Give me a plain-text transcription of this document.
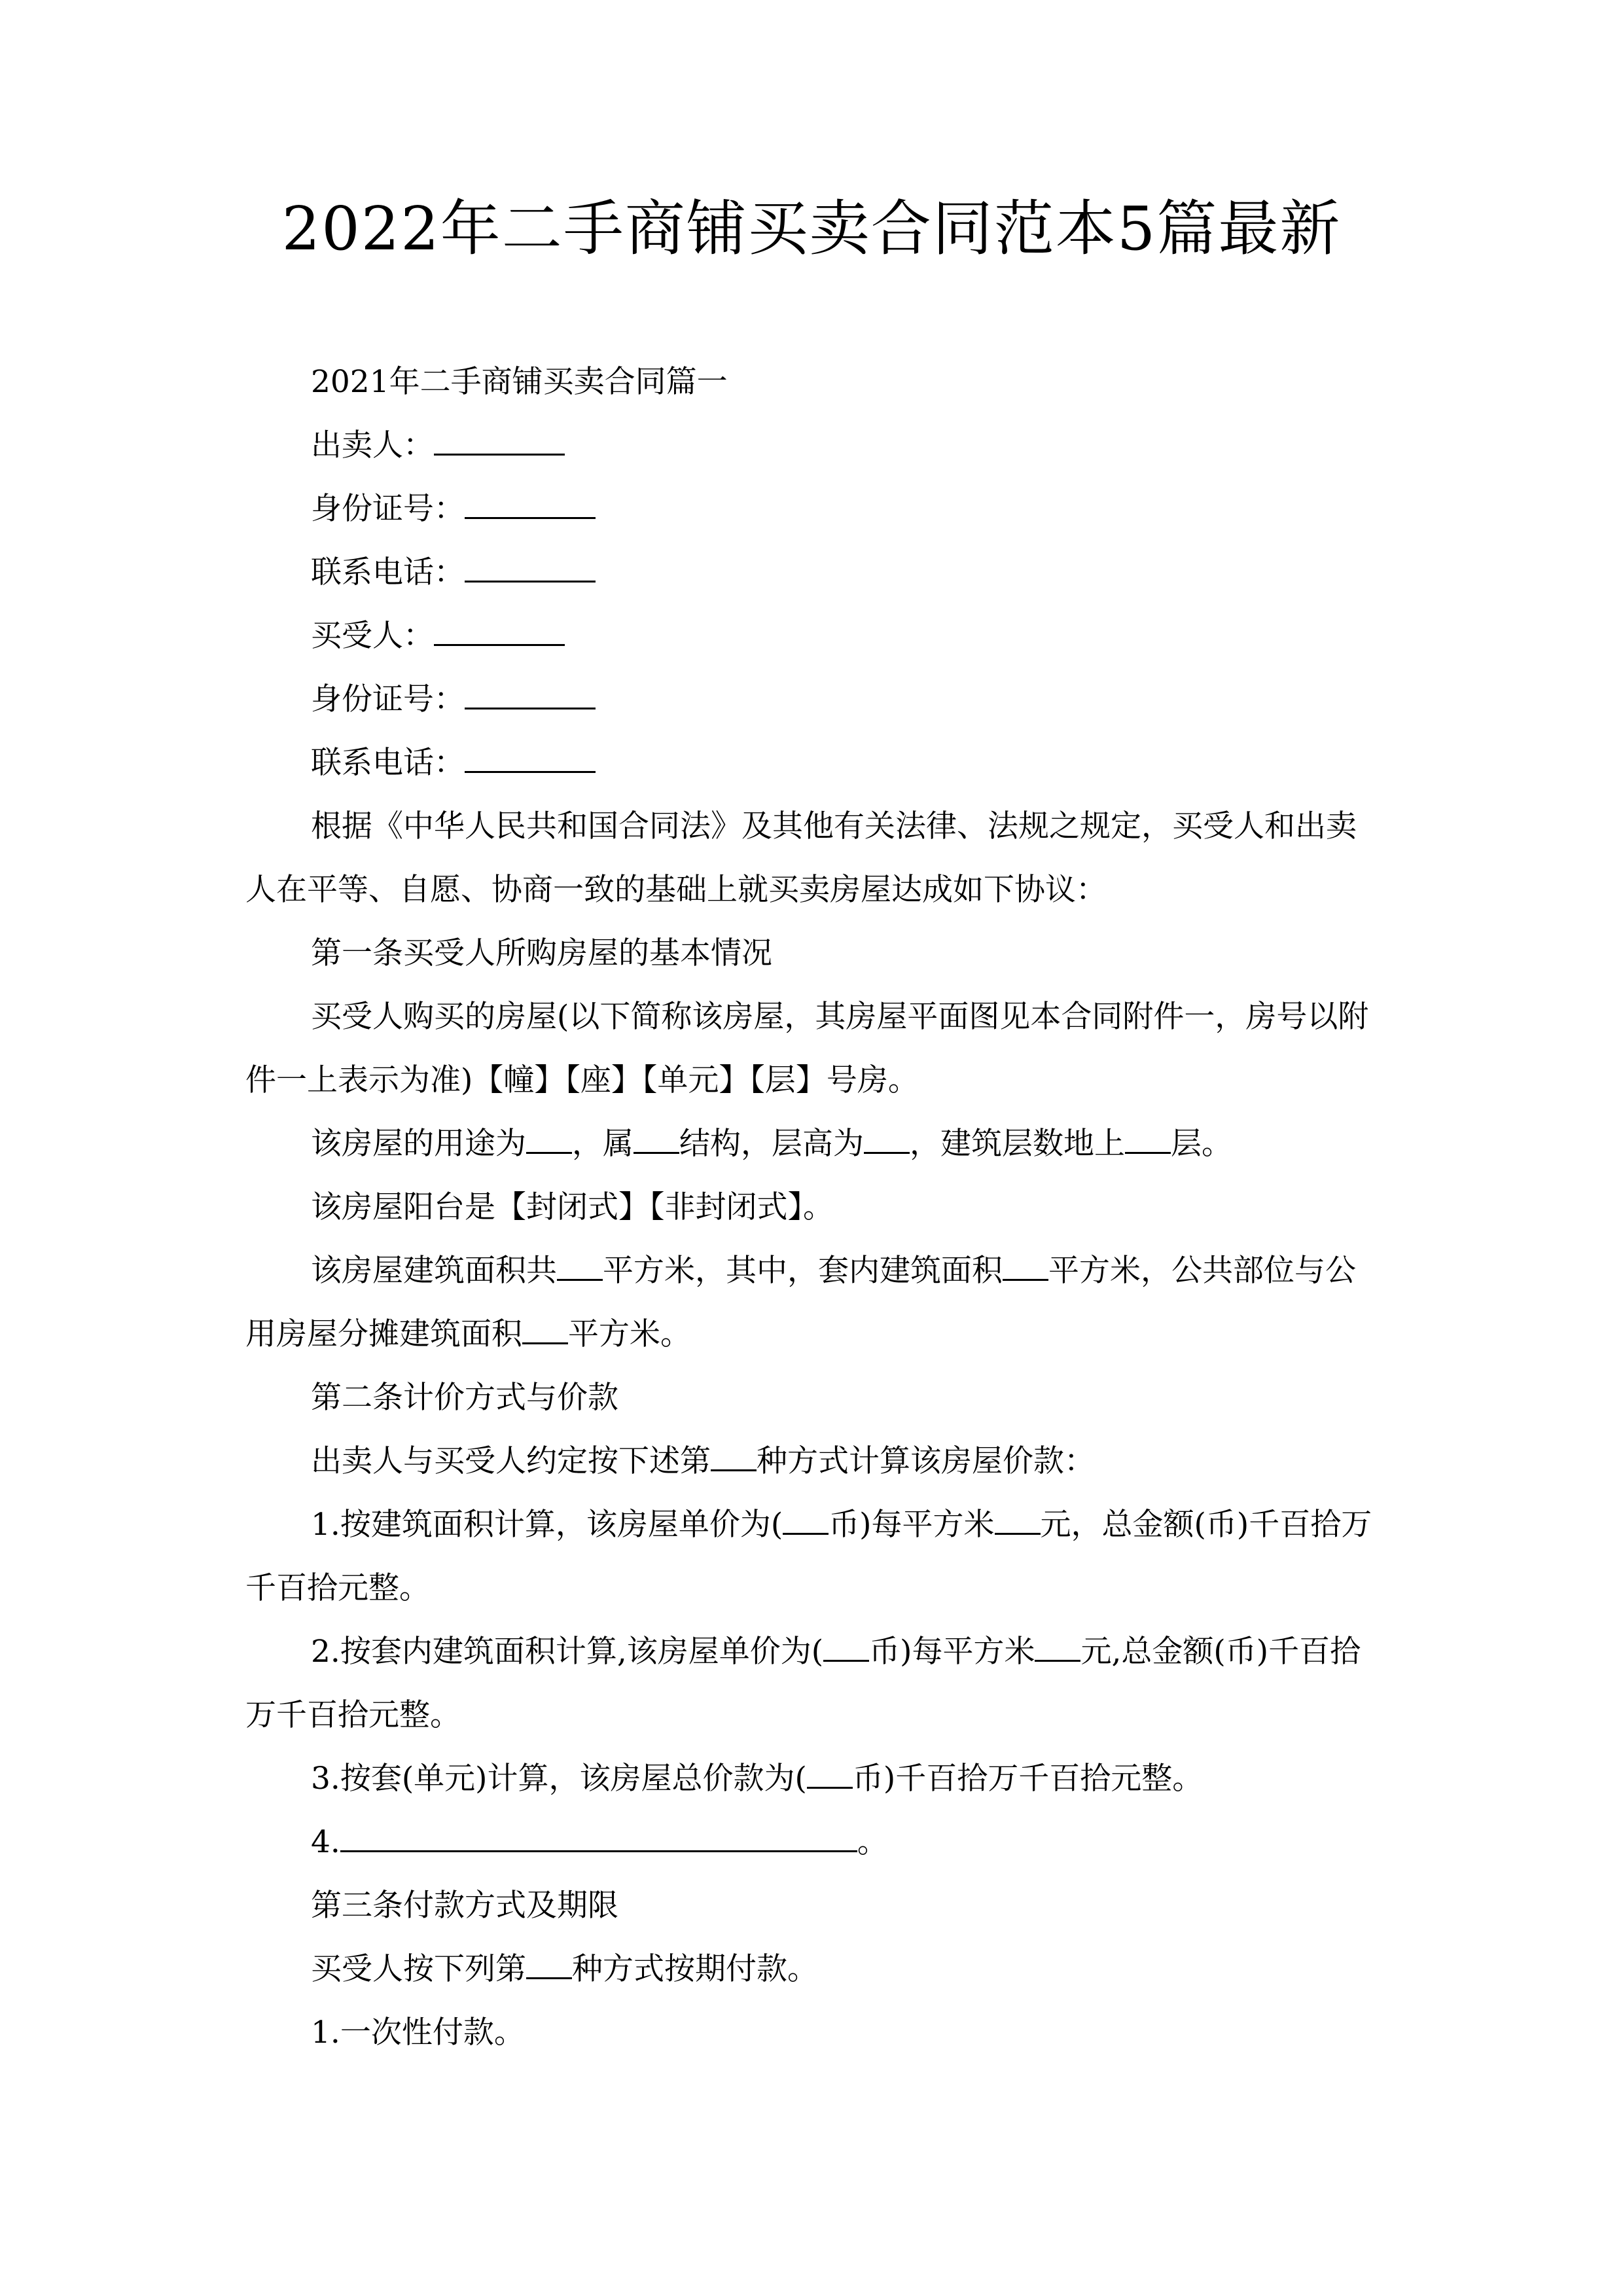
2022年二手商铺买卖合同范本5篇最新

2021年二手商铺买卖合同篇一

出卖人：

身份证号：

联系电话：

买受人：

身份证号：

联系电话：

根据《中华人民共和国合同法》及其他有关法律、法规之规定，买受人和出卖人在平等、自愿、协商一致的基础上就买卖房屋达成如下协议：

第一条买受人所购房屋的基本情况

买受人购买的房屋(以下简称该房屋，其房屋平面图见本合同附件一，房号以附件一上表示为准)【幢】【座】【单元】【层】号房。

该房屋的用途为 ，属 结构，层高为 ，建筑层数地上 层。

该房屋阳台是【封闭式】【非封闭式】。

该房屋建筑面积共 平方米，其中，套内建筑面积 平方米，公共部位与公用房屋分摊建筑面积 平方米。

第二条计价方式与价款

出卖人与买受人约定按下述第 种方式计算该房屋价款：

1.按建筑面积计算，该房屋单价为( 币)每平方米 元，总金额(币)千百拾万千百拾元整。

2.按套内建筑面积计算,该房屋单价为( 币)每平方米 元,总金额(币)千百拾万千百拾元整。

3.按套(单元)计算，该房屋总价款为( 币)千百拾万千百拾元整。

4.	。

第三条付款方式及期限

买受人按下列第 种方式按期付款。

1.一次性付款。
